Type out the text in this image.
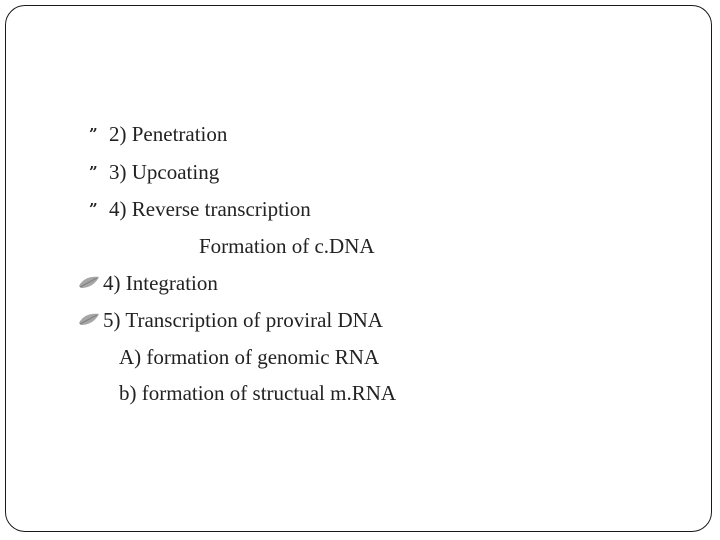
” 2) Penetration
” 3) Upcoating
” 4) Reverse transcription
Formation of c.DNA
4) Integration
5) Transcription of proviral DNA
A) formation of genomic RNA
b) formation of structual m.RNA
